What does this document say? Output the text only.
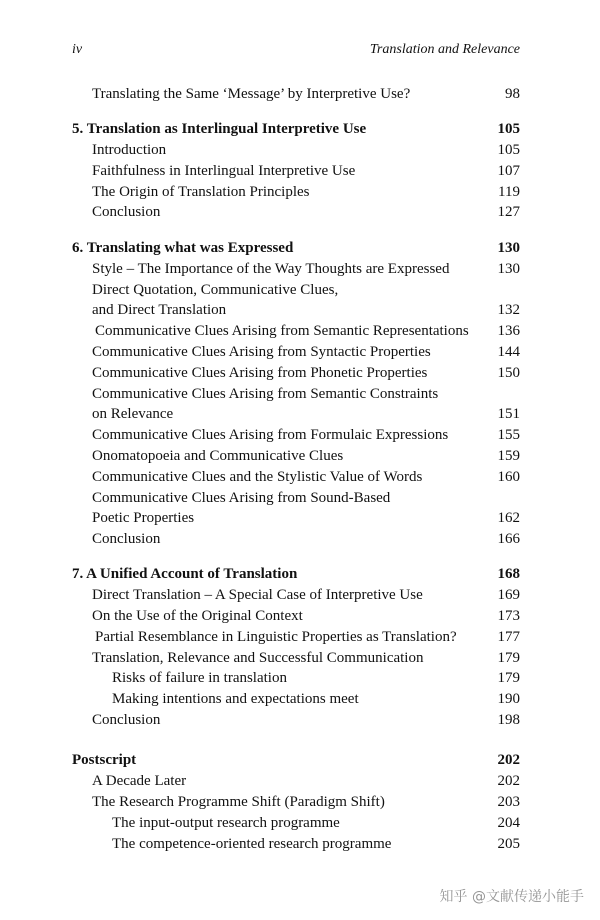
iv	Translation and Relevance
Translating the Same ‘Message’ by Interpretive Use?	98
5. Translation as Interlingual Interpretive Use	105
Introduction	105
Faithfulness in Interlingual Interpretive Use	107
The Origin of Translation Principles	119
Conclusion	127
6. Translating what was Expressed	130
Style – The Importance of the Way Thoughts are Expressed	130
Direct Quotation, Communicative Clues,
and Direct Translation	132
Communicative Clues Arising from Semantic Representations 136
Communicative Clues Arising from Syntactic Properties	144
Communicative Clues Arising from Phonetic Properties	150
Communicative Clues Arising from Semantic Constraints
on Relevance	151
Communicative Clues Arising from Formulaic Expressions	155
Onomatopoeia and Communicative Clues	159
Communicative Clues and the Stylistic Value of Words	160
Communicative Clues Arising from Sound-Based
Poetic Properties	162
Conclusion	166
7. A Unified Account of Translation	168
Direct Translation – A Special Case of Interpretive Use	169
On the Use of the Original Context	173
Partial Resemblance in Linguistic Properties as Translation?	177
Translation, Relevance and Successful Communication	179
Risks of failure in translation	179
Making intentions and expectations meet	190
Conclusion	198
Postscript	202
A Decade Later	202
The Research Programme Shift (Paradigm Shift)	203
The input-output research programme	204
The competence-oriented research programme	205
知乎 @文献传递小能手
